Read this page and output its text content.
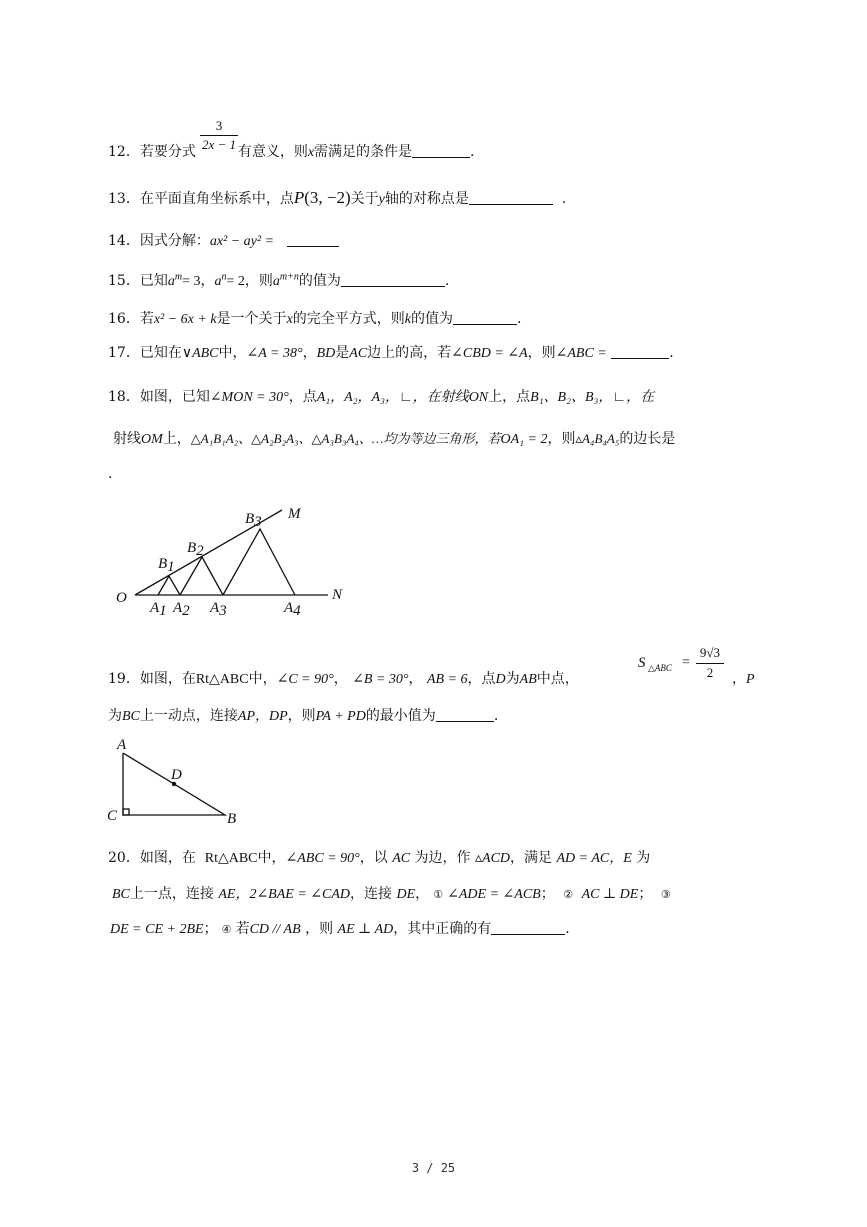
3
2x − 1
12．若要分式	有意义，则x需满足的条件是	.
13．在平面直角坐标系中，点P(3, −2)关于y轴的对称点是	.
14．因式分解：ax² − ay² =
15．已知$a^m= 3$，$a^n= 2$，则$a^{m+n}$的值为	.
16．若x² − 6x + k是一个关于x的完全平方式，则k的值为	.
17．已知在∨ABC中，∠A = 38°，BD是AC边上的高，若∠CBD = ∠A，则∠ABC =	.
18．如图，已知∠MON = 30°，点A₁，A₂，A₃，∟，在射线ON上，点B₁、B₂、B₃，∟，在
射线OM上，△A₁B₁A₂、△A₂B₂A₃、△A₃B₃A₄、…均为等边三角形，若OA₁ = 2，则▵A₄B₄A₅的边长是
.
O	N
M
A1 A2 A3	A4
B1
B2
B3
S △ABC =
9√3
2
19．如图，在Rt△ABC中，∠C = 90°， ∠B = 30°， AB = 6，点D为AB中点，	，P
为BC上一动点，连接AP，DP，则PA + PD的最小值为	.
A
C	B
D
20．如图，在 Rt△ABC中，∠ABC = 90°，以 AC 为边，作 ▵ACD，满足 AD = AC，E 为
BC上一点，连接 AE，2∠BAE = ∠CAD，连接 DE， ① ∠ADE = ∠ACB； ② AC ⊥ DE； ③
DE = CE + 2BE； ④ 若CD // AB ，则 AE ⊥ AD，其中正确的有	.
3 / 25
